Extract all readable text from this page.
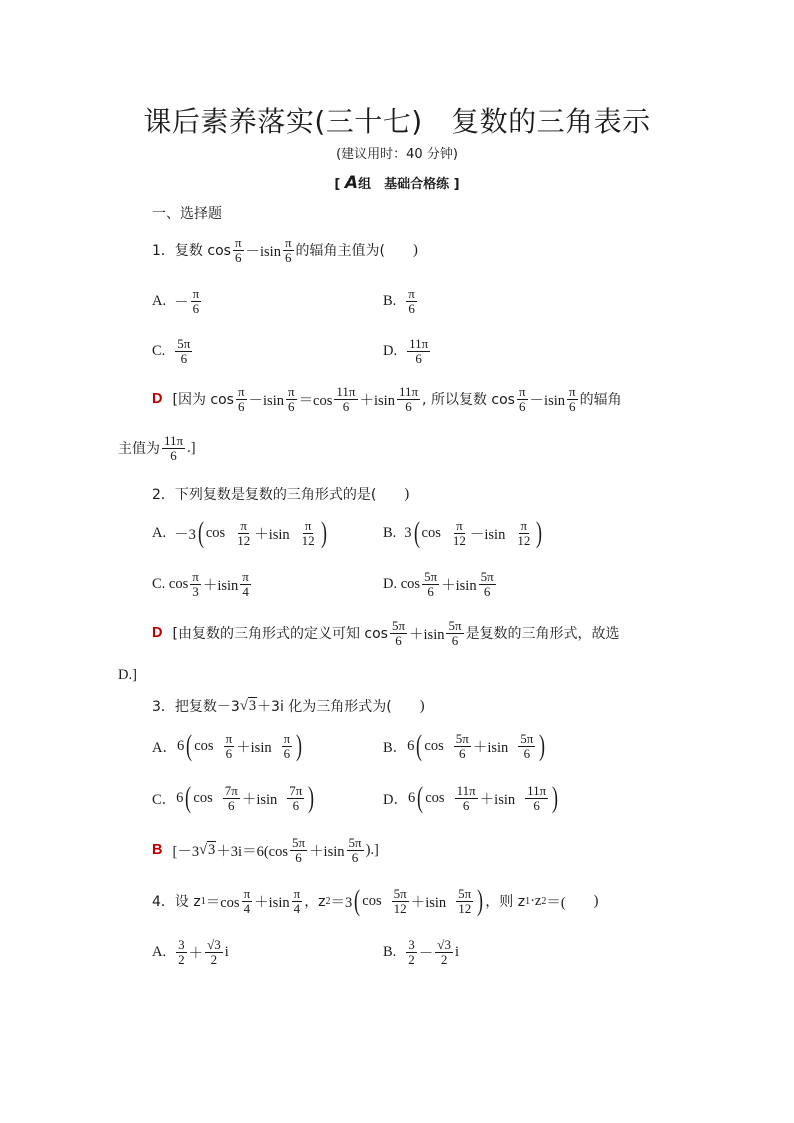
课后素养落实(三十七)　复数的三角表示
(建议用时：40 分钟)
[ A组　基础合格练 ]
一、选择题
1． 复数 $\cos \frac{\pi}{6} -isin \frac{\pi}{6}$ 的辐角主值为( )
A. － $\frac{\pi}{6}$	B. $\frac{\pi}{6}$
C. $\frac{5\pi}{6}$	D. $\frac{11\pi}{6}$
D [因为 $\cos \frac{\pi}{6} -isin \frac{\pi}{6} =\cos \frac{11\pi}{6} +isin \frac{11\pi}{6}$ , 所以复数 $\cos \frac{\pi}{6} -isin \frac{\pi}{6}$ 的辐角
主值为 $\frac{11\pi}{6}$ .]
2． 下列复数是复数的三角形式的是( )
A. －3 ( $\cos \frac{\pi}{12} +isin \frac{\pi}{12}$ )	B. 3 ( $\cos \frac{\pi}{12} -isin \frac{\pi}{12}$ )
C. $\cos \frac{\pi}{3} +isin \frac{\pi}{4}$	D. $\cos \frac{5\pi}{6} +isin \frac{5\pi}{6}$
D [由复数的三角形式的定义可知 $\cos \frac{5\pi}{6} +isin \frac{5\pi}{6}$ 是复数的三角形式，故选
D.]
3． 把复数－3 √3 ＋3i 化为三角形式为( )
A． 6 ( $\cos \frac{\pi}{6} +isin \frac{\pi}{6}$ )	B． 6 ( $\cos \frac{5\pi}{6} +isin \frac{5\pi}{6}$ )
C． 6 ( $\cos \frac{7\pi}{6} +isin \frac{7\pi}{6}$ )	D． 6 ( $\cos \frac{11\pi}{6} +isin \frac{11\pi}{6}$ )
B [－3 $√3 +3i=6(\cos \frac{5\pi}{6} +isin \frac{5\pi}{6}$ ).]
4． 设 z $1 =\cos \frac{\pi}{4} +isin \frac{\pi}{4}$ ，z 2 ＝3 ( $\cos \frac{5\pi}{12} +isin \frac{5\pi}{12}$ ) ，则 z 1 ·z 2 ＝( )
A. $\frac{3}{2} + \frac{√3}{2}$ i	B. $\frac{3}{2} - \frac{√3}{2}$ i
